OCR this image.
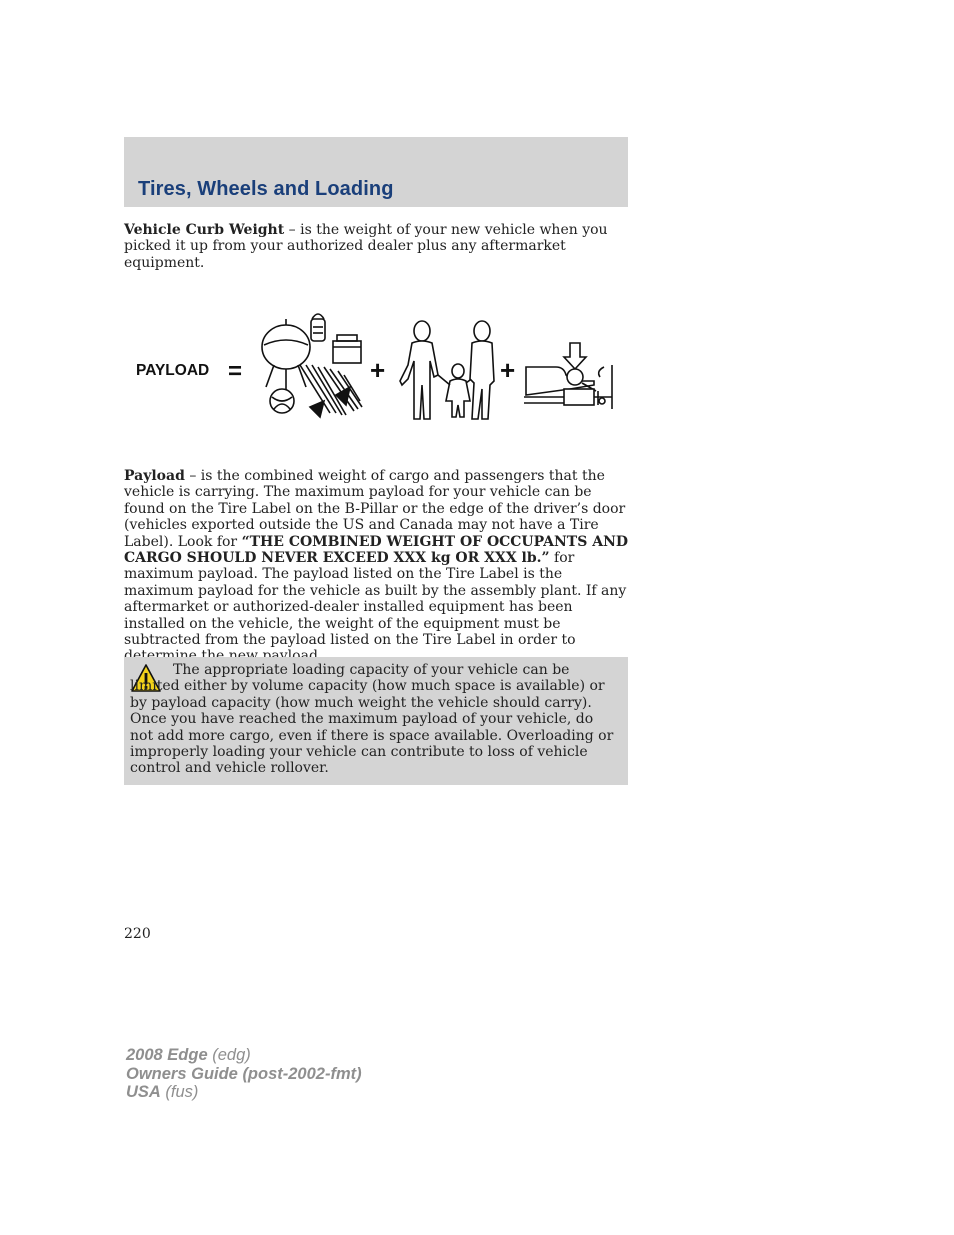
Tires, Wheels and Loading

Vehicle Curb Weight – is the weight of your new vehicle when you picked it up from your authorized dealer plus any aftermarket equipment.

PAYLOAD =	+	+

Payload – is the combined weight of cargo and passengers that the vehicle is carrying. The maximum payload for your vehicle can be found on the Tire Label on the B-Pillar or the edge of the driver’s door (vehicles exported outside the US and Canada may not have a Tire Label). Look for “THE COMBINED WEIGHT OF OCCUPANTS AND CARGO SHOULD NEVER EXCEED XXX kg OR XXX lb.” for maximum payload. The payload listed on the Tire Label is the maximum payload for the vehicle as built by the assembly plant. If any aftermarket or authorized-dealer installed equipment has been installed on the vehicle, the weight of the equipment must be subtracted from the payload listed on the Tire Label in order to

The appropriate loading capacity of your vehicle can be limited either by volume capacity (how much space is available) or by payload capacity (how much weight the vehicle should carry). Once you have reached the maximum payload of your vehicle, do not add more cargo, even if there is space available. Overloading or improperly loading your vehicle can contribute to loss of vehicle control and vehicle rollover.

220

2008 Edge (edg)
Owners Guide (post-2002-fmt)
USA (fus)
